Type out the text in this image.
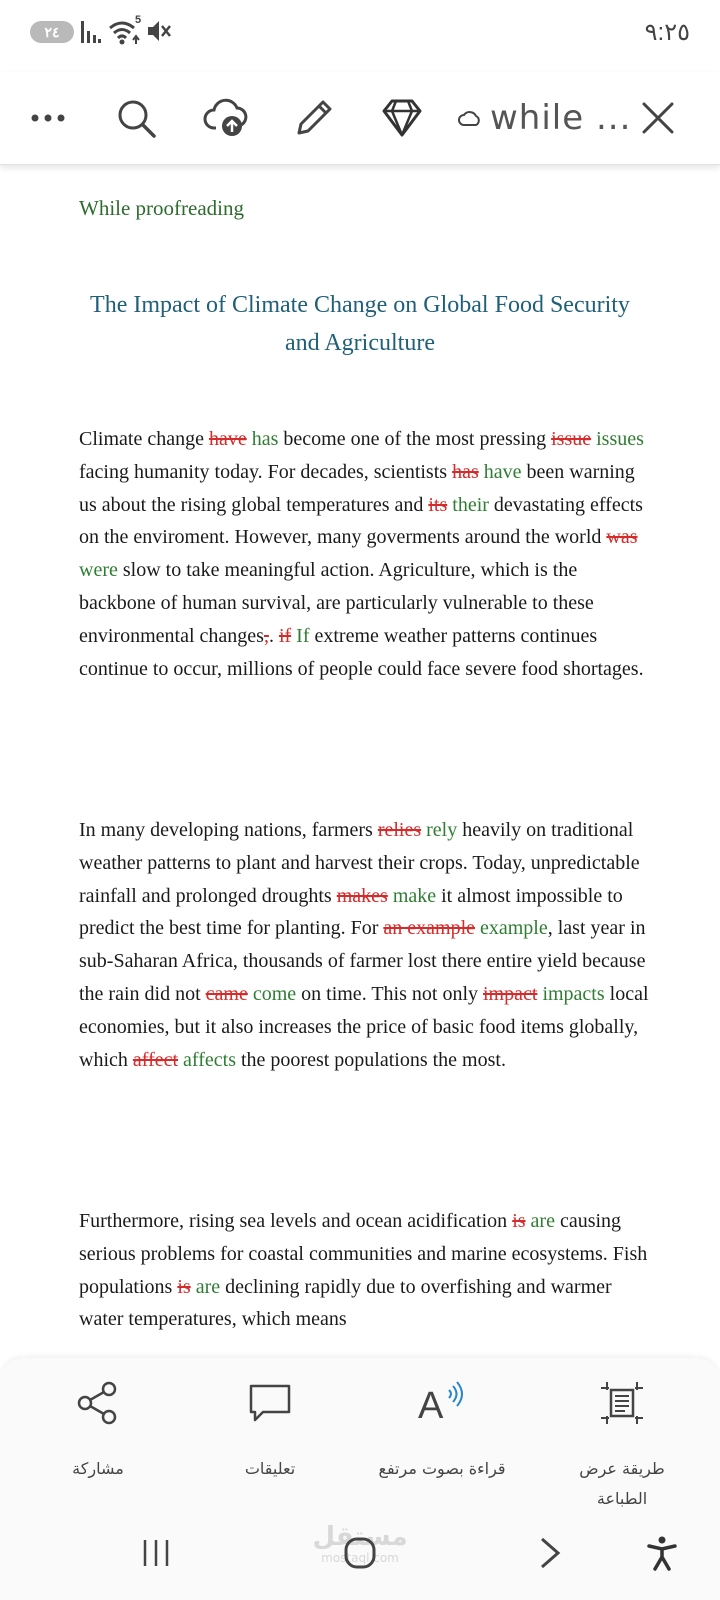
٢٤
5	٩:٢٥
while ...
While proofreading
The Impact of Climate Change on Global Food Security and Agriculture

Climate change have has become one of the most pressing issue issues facing humanity today. For decades, scientists has have been warning us about the rising global temperatures and its their devastating effects on the enviroment. However, many goverments around the world was were slow to take meaningful action. Agriculture, which is the backbone of human survival, are particularly vulnerable to these environmental changes,. if If extreme weather patterns continues continue to occur, millions of people could face severe food shortages.

In many developing nations, farmers relies rely heavily on traditional weather patterns to plant and harvest their crops. Today, unpredictable rainfall and prolonged droughts makes make it almost impossible to predict the best time for planting. For an example example, last year in sub-Saharan Africa, thousands of farmer lost there entire yield because the rain did not came come on time. This not only impact impacts local economies, but it also increases the price of basic food items globally, which affect affects the poorest populations the most.

Furthermore, rising sea levels and ocean acidification is are causing serious problems for coastal communities and marine ecosystems. Fish populations is are declining rapidly due to overfishing and warmer water temperatures, which means

مشاركة	تعليقات
A
قراءة بصوت مرتفع	طريقة عرض الطباعة
مستقل
mostaql.com
